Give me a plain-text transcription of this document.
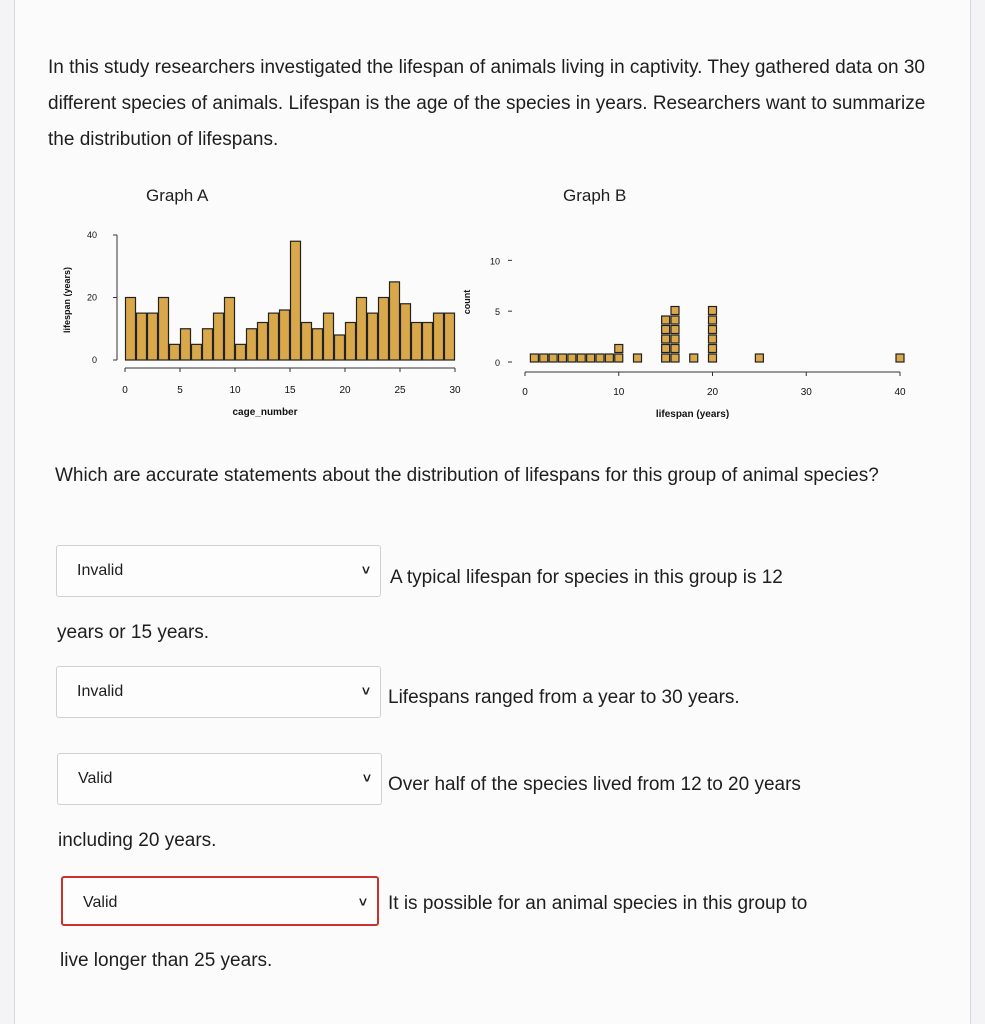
In this study researchers investigated the lifespan of animals living in captivity. They gathered data on 30 different species of animals. Lifespan is the age of the species in years. Researchers want to summarize the distribution of lifespans.

Graph A	Graph B
0
20
40
0	5	10	15	20	25	30
cage_number
lifespan (years)
0
5
10
0	10	20	30	40
lifespan (years)
count

Which are accurate statements about the distribution of lifespans for this group of animal species?

Invalid	˅ A typical lifespan for species in this group is 12
years or 15 years.
Invalid	˅ Lifespans ranged from a year to 30 years.
Valid	˅ Over half of the species lived from 12 to 20 years
including 20 years.
Valid	˅ It is possible for an animal species in this group to
live longer than 25 years.
